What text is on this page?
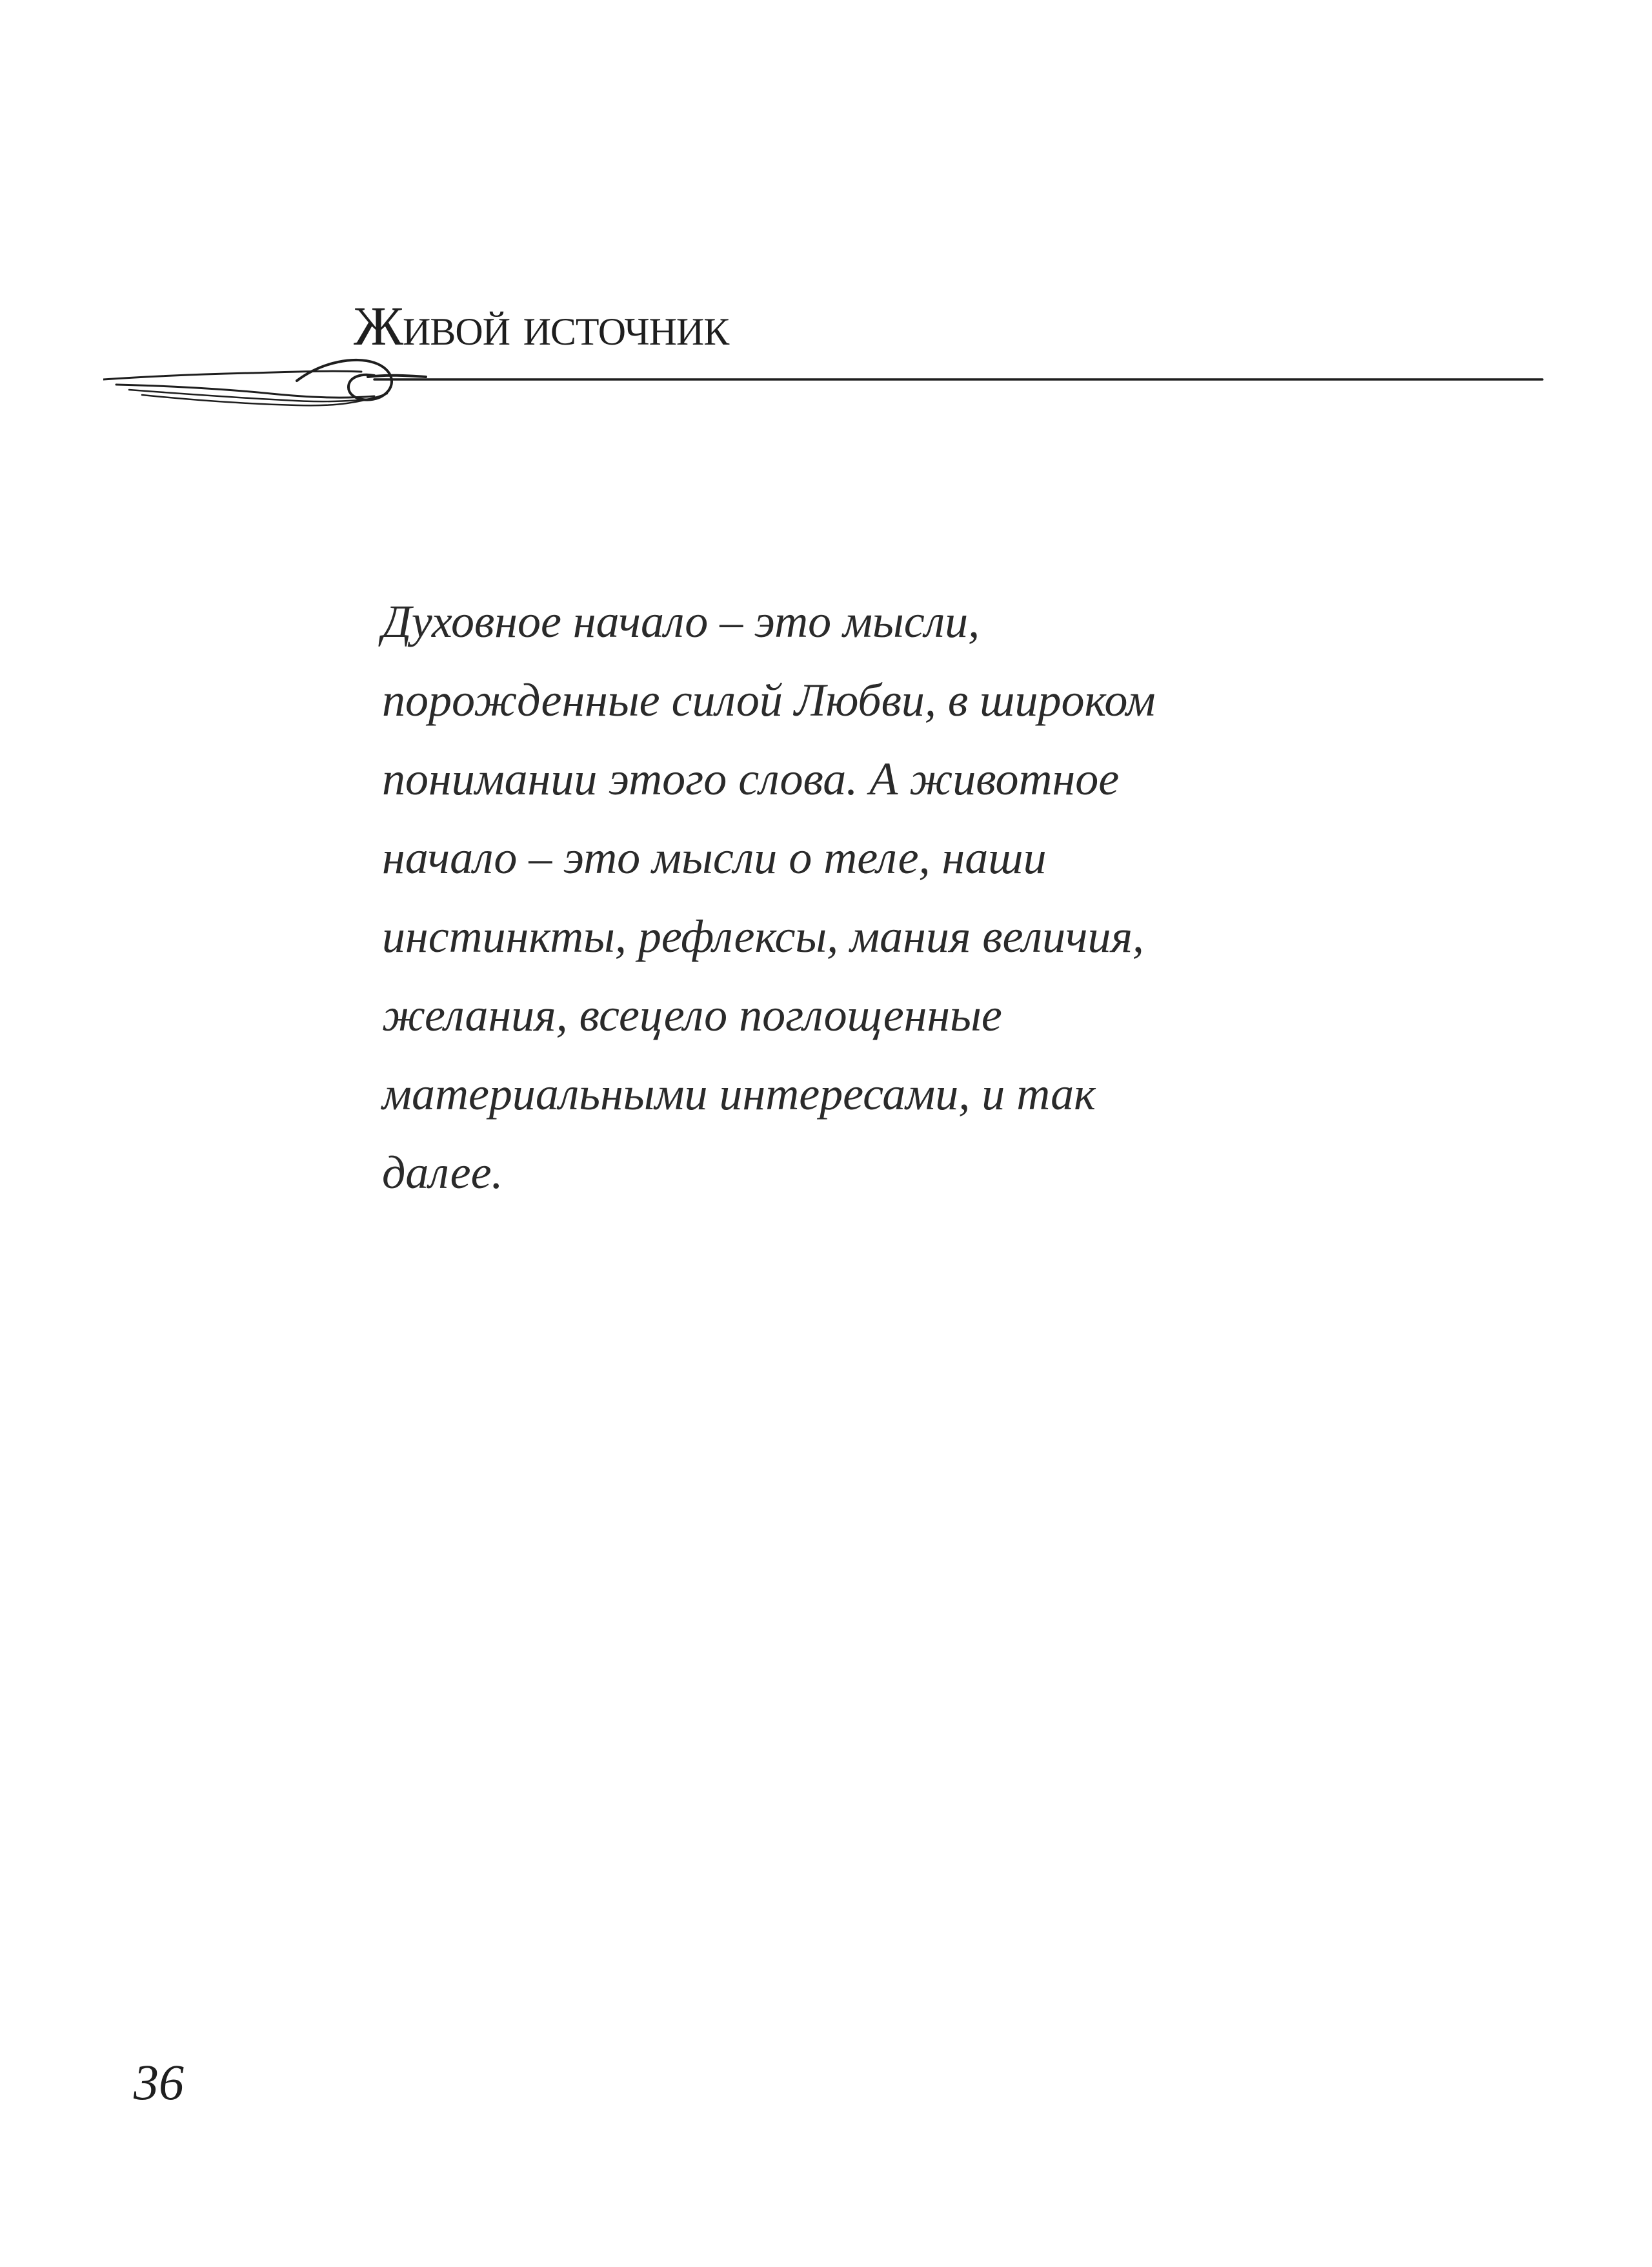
Живой источник
Духовное начало – это мысли,
порожденные силой Любви, в широком
понимании этого слова. А животное
начало – это мысли о теле, наши
инстинкты, рефлексы, мания величия,
желания, всецело поглощенные
материальными интересами, и так
далее.
36
